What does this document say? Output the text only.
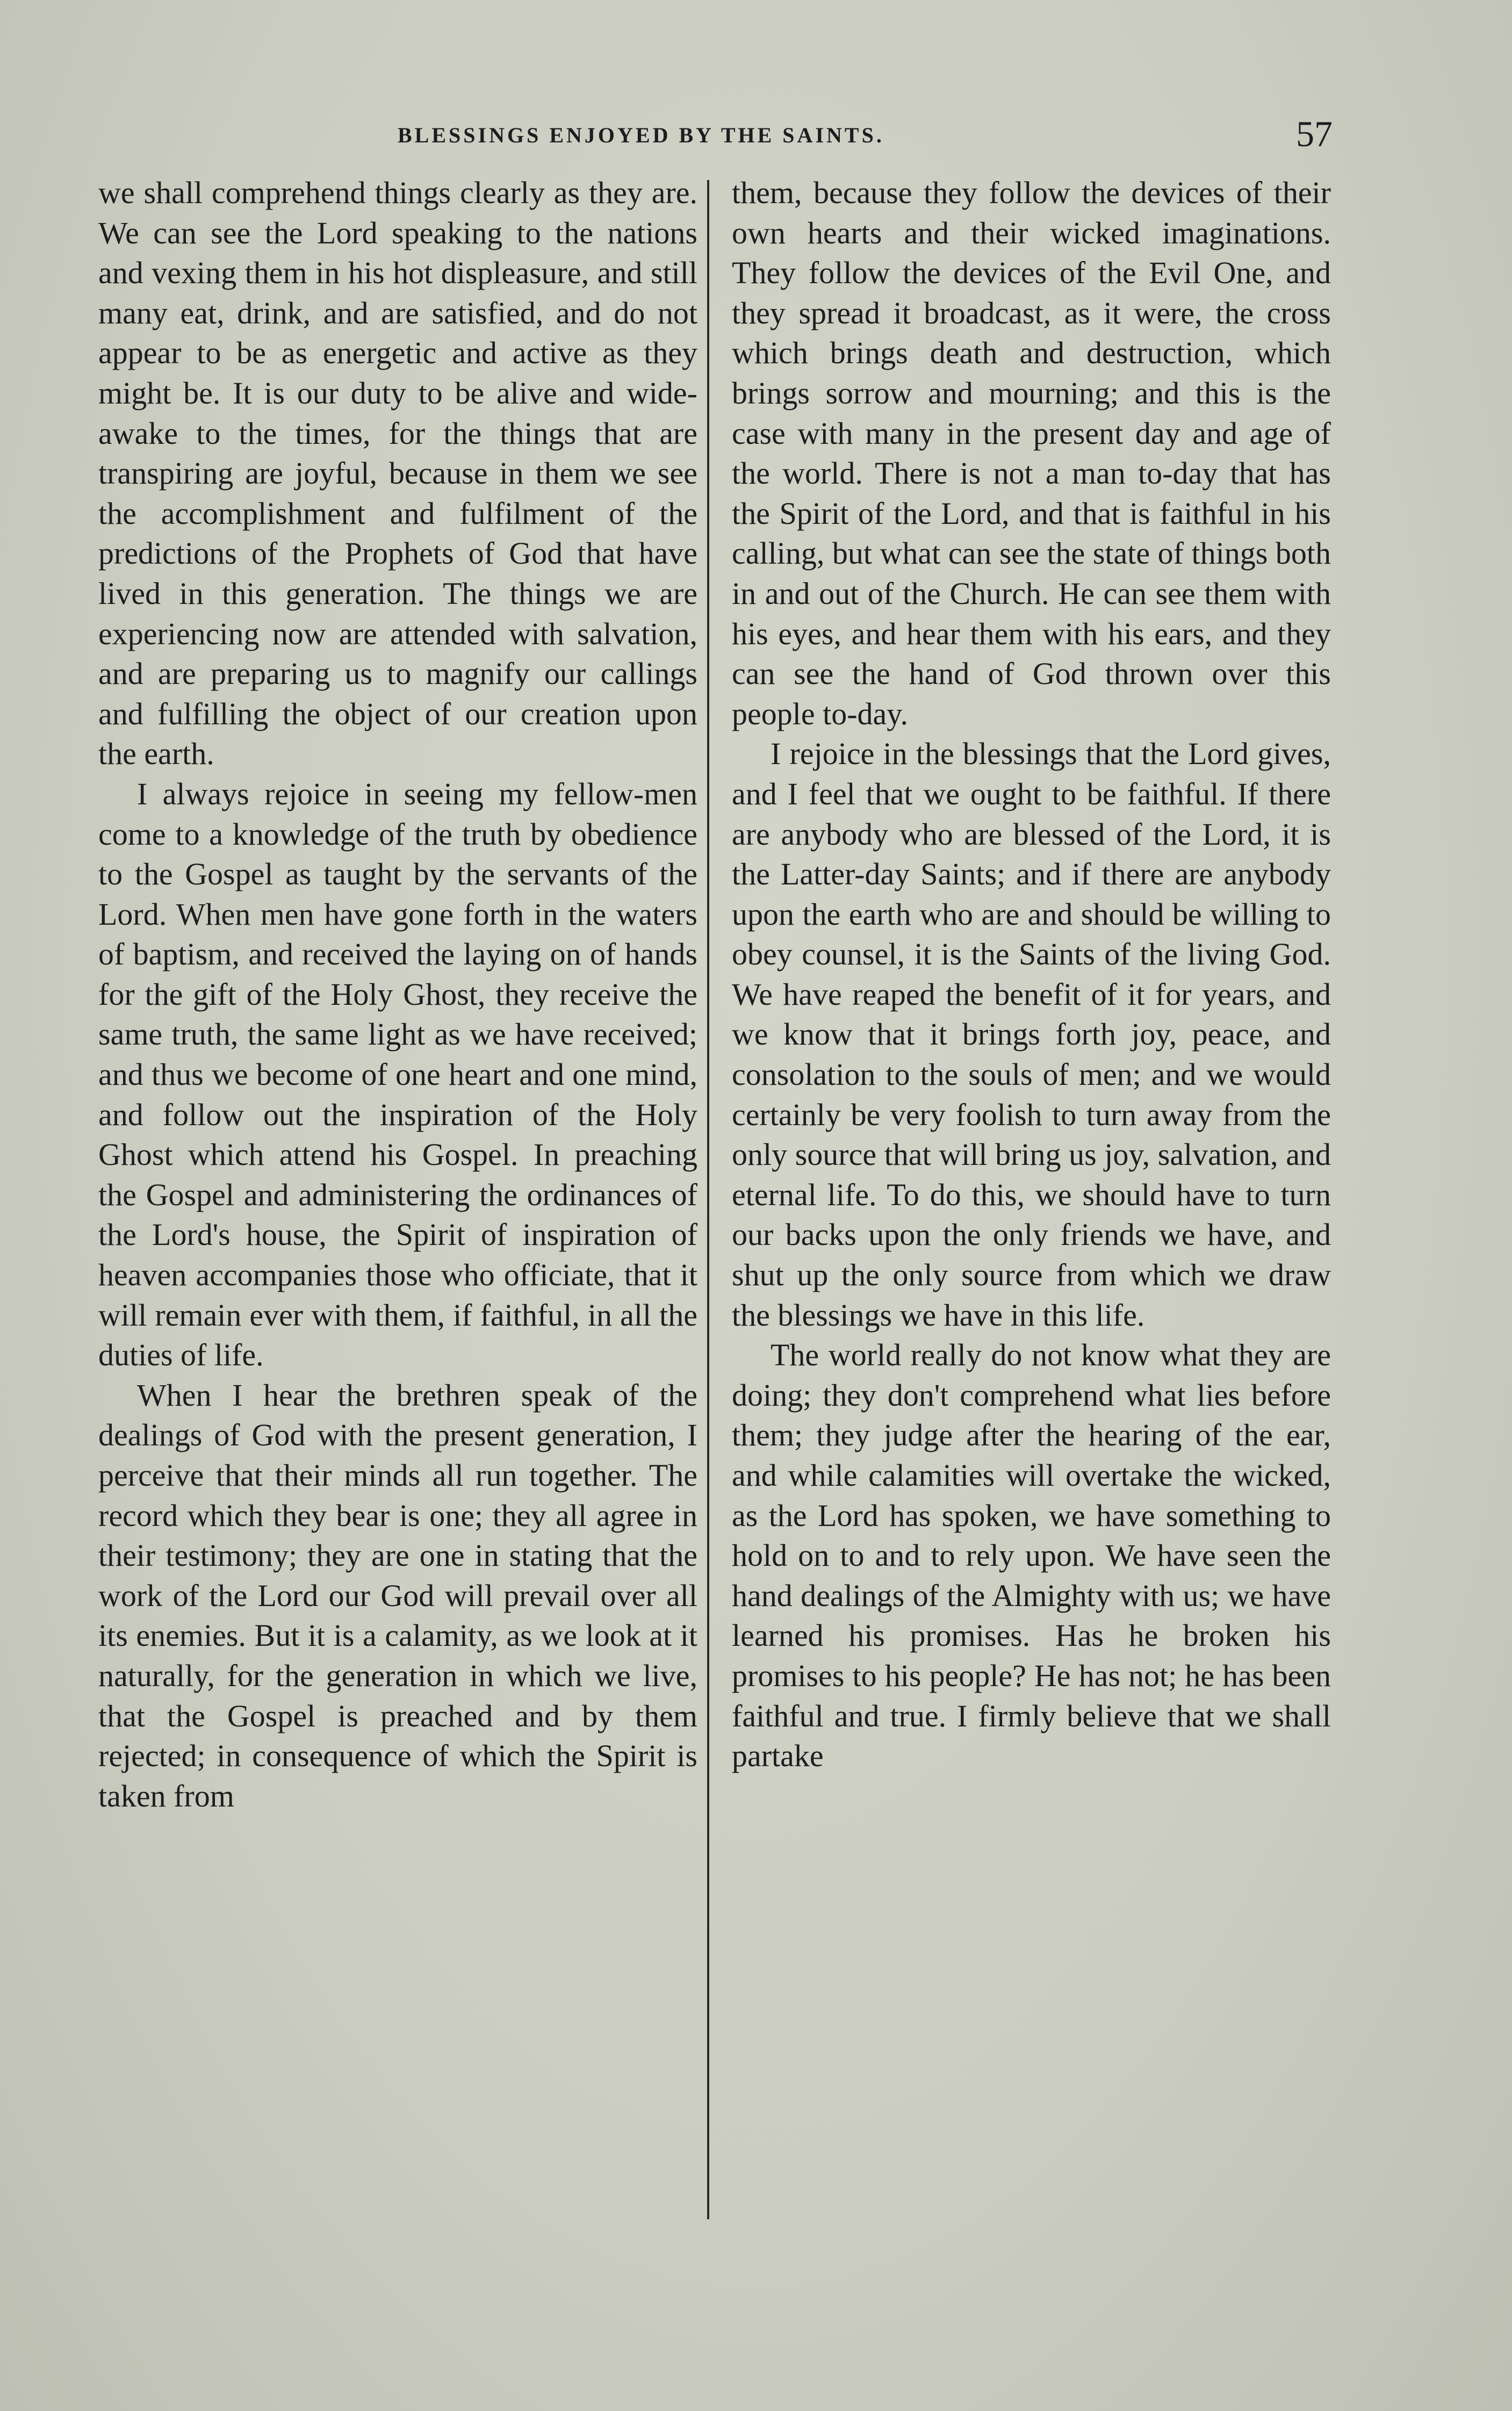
BLESSINGS ENJOYED BY THE SAINTS.	57

we shall comprehend things clearly as they are. We can see the Lord speaking to the nations and vexing them in his hot displeasure, and still many eat, drink, and are satisfied, and do not appear to be as energetic and active as they might be. It is our duty to be alive and wide-awake to the times, for the things that are transpiring are joyful, because in them we see the accomplishment and fulfilment of the predictions of the Prophets of God that have lived in this generation. The things we are experiencing now are attended with salvation, and are preparing us to magnify our callings and fulfilling the object of our creation upon the earth.

I always rejoice in seeing my fellow-men come to a knowledge of the truth by obedience to the Gospel as taught by the servants of the Lord. When men have gone forth in the waters of baptism, and received the laying on of hands for the gift of the Holy Ghost, they receive the same truth, the same light as we have received; and thus we become of one heart and one mind, and follow out the inspiration of the Holy Ghost which attend his Gospel. In preaching the Gospel and administering the ordinances of the Lord's house, the Spirit of inspiration of heaven accompanies those who officiate, that it will remain ever with them, if faithful, in all the duties of life.

When I hear the brethren speak of the dealings of God with the present generation, I perceive that their minds all run together. The record which they bear is one; they all agree in their testimony; they are one in stating that the work of the Lord our God will prevail over all its enemies. But it is a calamity, as we look at it naturally, for the generation in which we live, that the Gospel is preached and by them rejected; in consequence of which the Spirit is taken from

them, because they follow the devices of their own hearts and their wicked imaginations. They follow the devices of the Evil One, and they spread it broadcast, as it were, the cross which brings death and destruction, which brings sorrow and mourning; and this is the case with many in the present day and age of the world. There is not a man to-day that has the Spirit of the Lord, and that is faithful in his calling, but what can see the state of things both in and out of the Church. He can see them with his eyes, and hear them with his ears, and they can see the hand of God thrown over this people to-day.

I rejoice in the blessings that the Lord gives, and I feel that we ought to be faithful. If there are anybody who are blessed of the Lord, it is the Latter-day Saints; and if there are anybody upon the earth who are and should be willing to obey counsel, it is the Saints of the living God. We have reaped the benefit of it for years, and we know that it brings forth joy, peace, and consolation to the souls of men; and we would certainly be very foolish to turn away from the only source that will bring us joy, salvation, and eternal life. To do this, we should have to turn our backs upon the only friends we have, and shut up the only source from which we draw the blessings we have in this life.

The world really do not know what they are doing; they don't comprehend what lies before them; they judge after the hearing of the ear, and while calamities will overtake the wicked, as the Lord has spoken, we have something to hold on to and to rely upon. We have seen the hand dealings of the Almighty with us; we have learned his promises. Has he broken his promises to his people? He has not; he has been faithful and true. I firmly believe that we shall partake
